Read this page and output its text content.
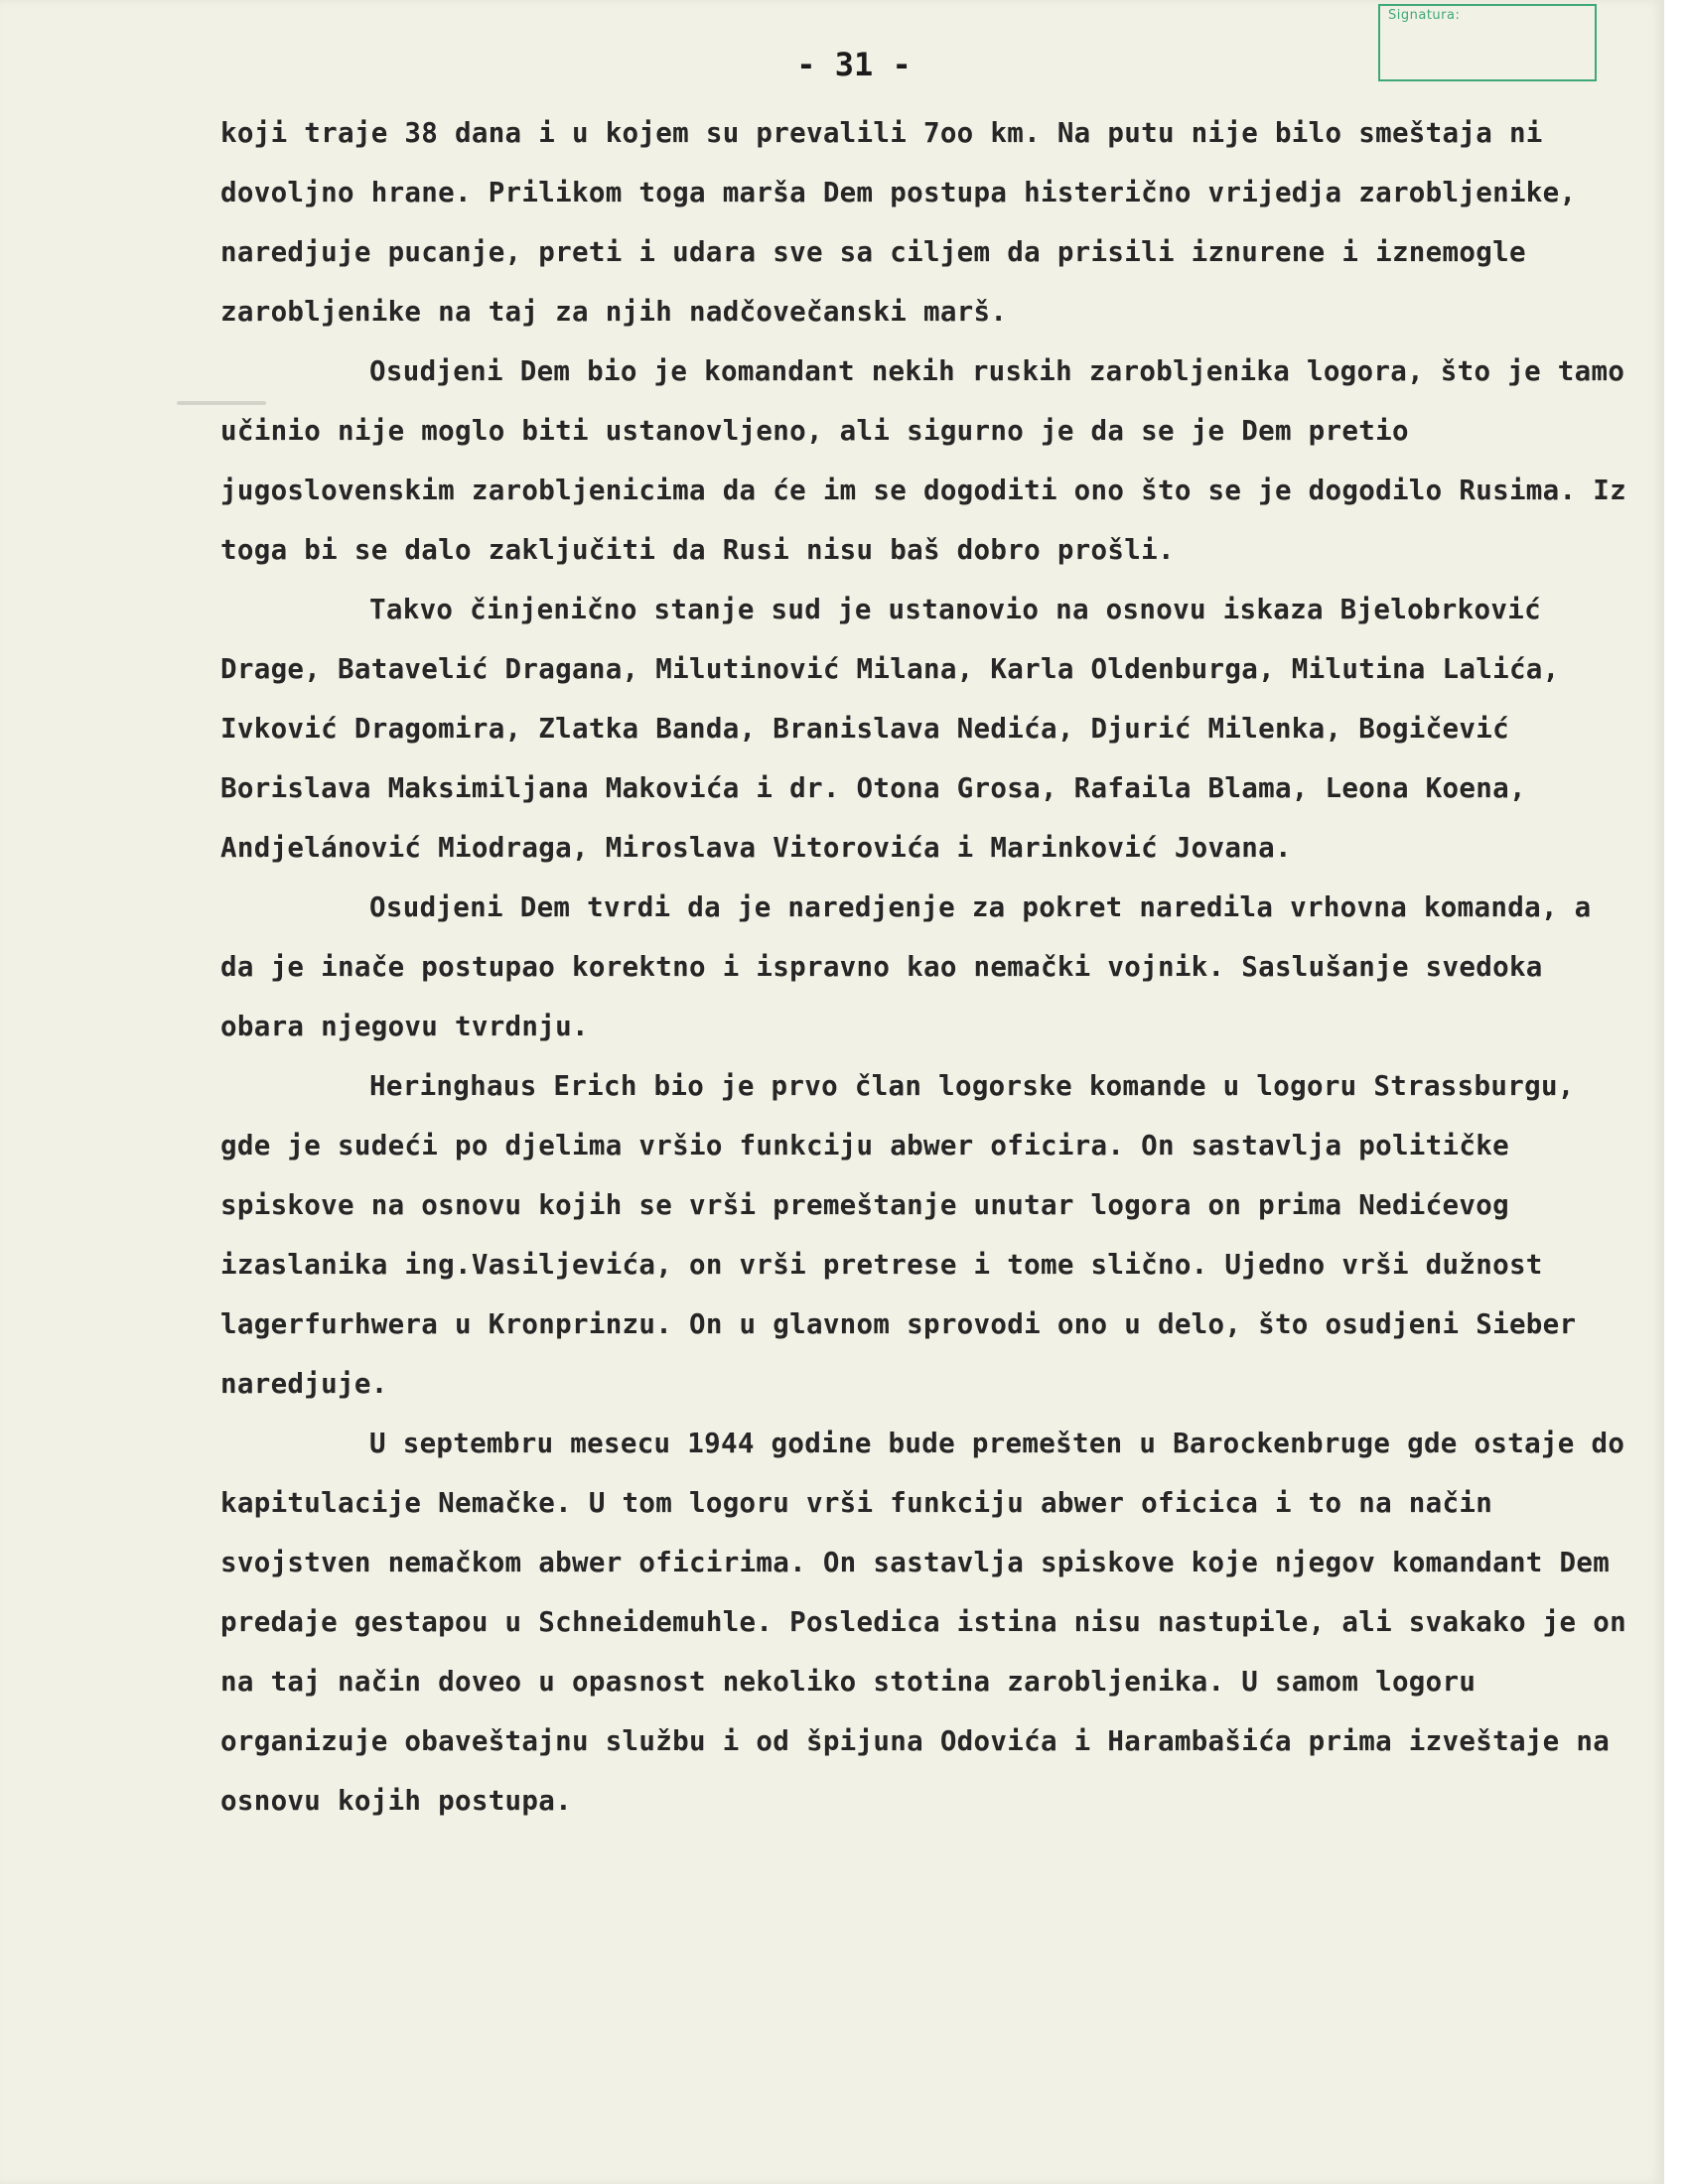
Signatura:
- 31 -

koji traje 38 dana i u kojem su prevalili 7oo km. Na putu nije bilo smeštaja ni dovoljno hrane. Prilikom toga marša Dem postupa histerično vrijedja zarobljenike, naredjuje pucanje, preti i udara sve sa ciljem da prisili iznurene i iznemogle zarobljenike na taj za njih nadčovečanski marš.

Osudjeni Dem bio je komandant nekih ruskih zarobljenika logora, što je tamo učinio nije moglo biti ustanovljeno, ali sigurno je da se je Dem pretio jugoslovenskim zarobljenicima da će im se dogoditi ono što se je dogodilo Rusima. Iz toga bi se dalo zaključiti da Rusi nisu baš dobro prošli.

Takvo činjenično stanje sud je ustanovio na osnovu iskaza Bjelobrković Drage, Batavelić Dragana, Milutinović Milana, Karla Oldenburga, Milutina Lalića, Ivković Dragomira, Zlatka Banda, Branislava Nedića, Djurić Milenka, Bogičević Borislava Maksimiljana Makovića i dr. Otona Grosa, Rafaila Blama, Leona Koena, Andjelánović Miodraga, Miroslava Vitorovića i Marinković Jovana.

Osudjeni Dem tvrdi da je naredjenje za pokret naredila vrhovna komanda, a da je inače postupao korektno i ispravno kao nemački vojnik. Saslušanje svedoka obara njegovu tvrdnju.

Heringhaus Erich bio je prvo član logorske komande u logoru Strassburgu, gde je sudeći po djelima vršio funkciju abwer oficira. On sastavlja političke spiskove na osnovu kojih se vrši premeštanje unutar logora on prima Nedićevog izaslanika ing.Vasiljevića, on vrši pretrese i tome slično. Ujedno vrši dužnost lagerfurhwera u Kronprinzu. On u glavnom sprovodi ono u delo, što osudjeni Sieber naredjuje.

U septembru mesecu 1944 godine bude premešten u Barockenbruge gde ostaje do kapitulacije Nemačke. U tom logoru vrši funkciju abwer oficica i to na način svojstven nemačkom abwer oficirima. On sastavlja spiskove koje njegov komandant Dem predaje gestapou u Schneidemuhle. Posledica istina nisu nastupile, ali svakako je on na taj način doveo u opasnost nekoliko stotina zarobljenika. U samom logoru organizuje obaveštajnu službu i od špijuna Odovića i Harambašića prima izveštaje na osnovu kojih postupa.
